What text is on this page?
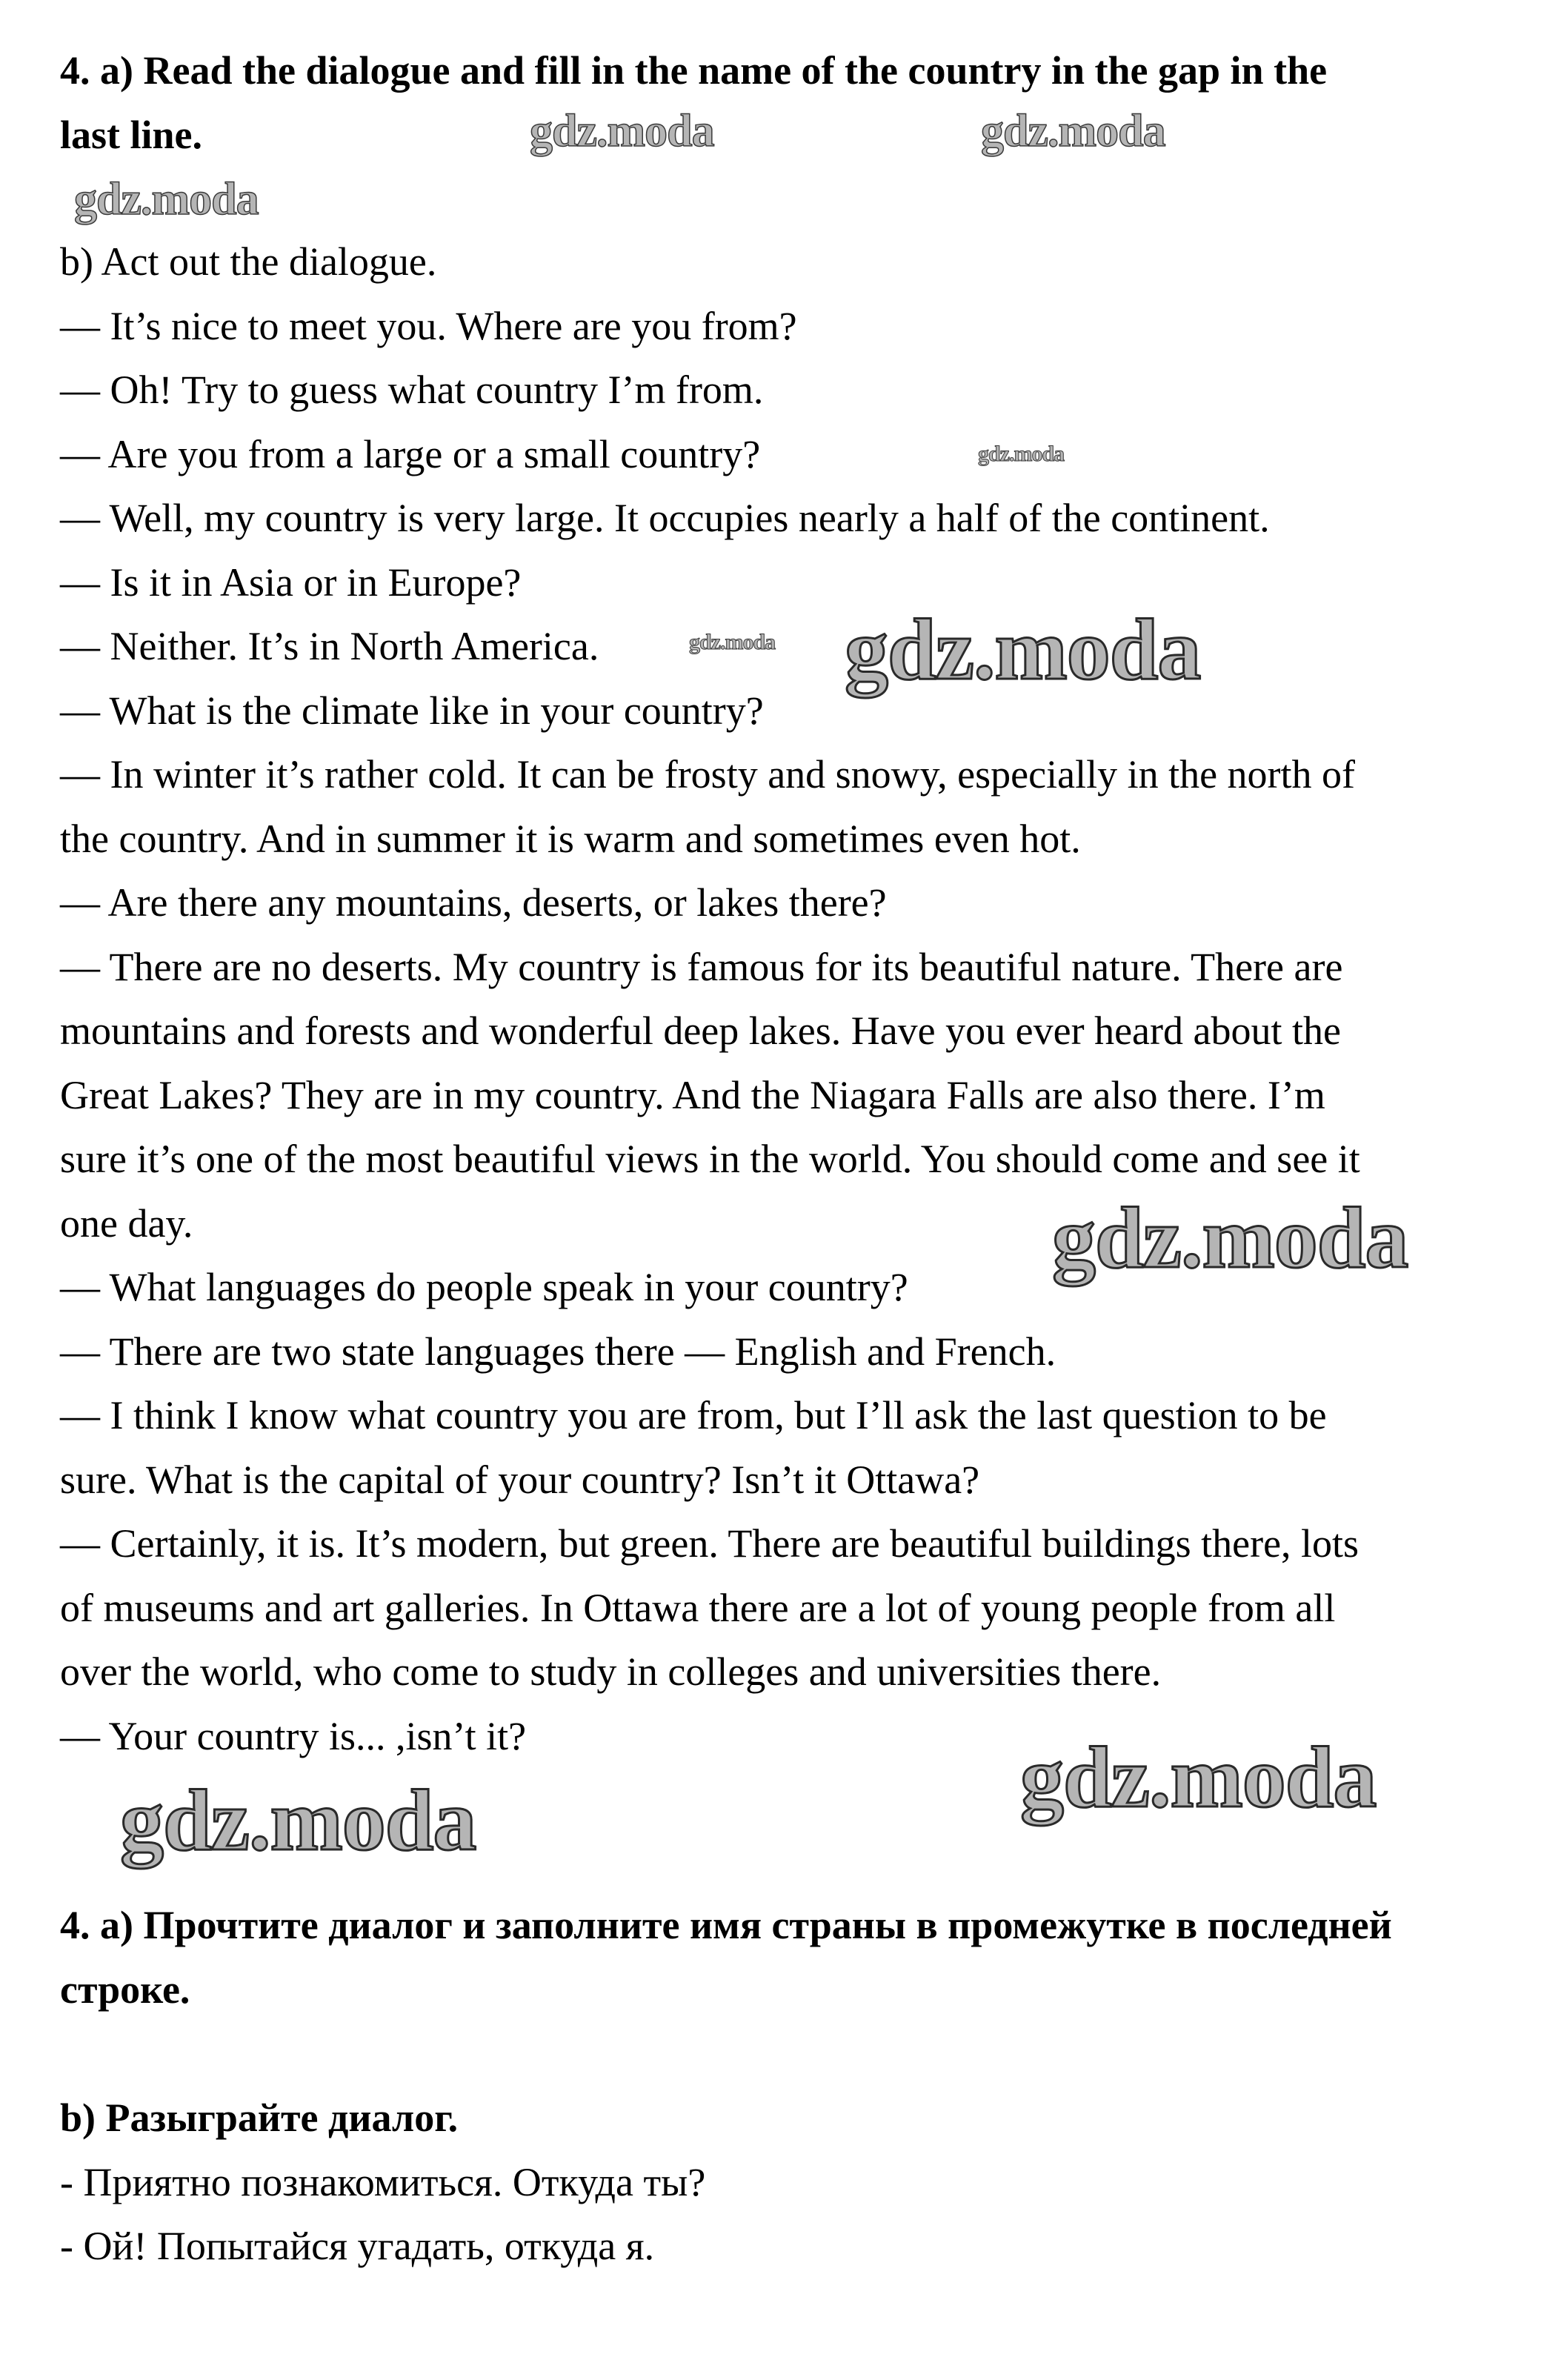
4. a) Read the dialogue and fill in the name of the country in the gap in the
last line.
b) Act out the dialogue.
— It’s nice to meet you. Where are you from?
— Oh! Try to guess what country I’m from.
— Are you from a large or a small country?
— Well, my country is very large. It occupies nearly a half of the continent.
— Is it in Asia or in Europe?
— Neither. It’s in North America.
— What is the climate like in your country?
— In winter it’s rather cold. It can be frosty and snowy, especially in the north of
the country. And in summer it is warm and sometimes even hot.
— Are there any mountains, deserts, or lakes there?
— There are no deserts. My country is famous for its beautiful nature. There are
mountains and forests and wonderful deep lakes. Have you ever heard about the
Great Lakes? They are in my country. And the Niagara Falls are also there. I’m
sure it’s one of the most beautiful views in the world. You should come and see it
one day.
— What languages do people speak in your country?
— There are two state languages there — English and French.
— I think I know what country you are from, but I’ll ask the last question to be
sure. What is the capital of your country? Isn’t it Ottawa?
— Certainly, it is. It’s modern, but green. There are beautiful buildings there, lots
of museums and art galleries. In Ottawa there are a lot of young people from all
over the world, who come to study in colleges and universities there.
— Your country is... ,isn’t it?
4. а) Прочтите диалог и заполните имя страны в промежутке в последней
строке.
b) Разыграйте диалог.
- Приятно познакомиться. Откуда ты?
- Ой! Попытайся угадать, откуда я.
gdz.moda	gdz.moda
gdz.moda
gdz.moda
gdz.moda gdz.moda
gdz.moda
gdz.moda	gdz.moda
